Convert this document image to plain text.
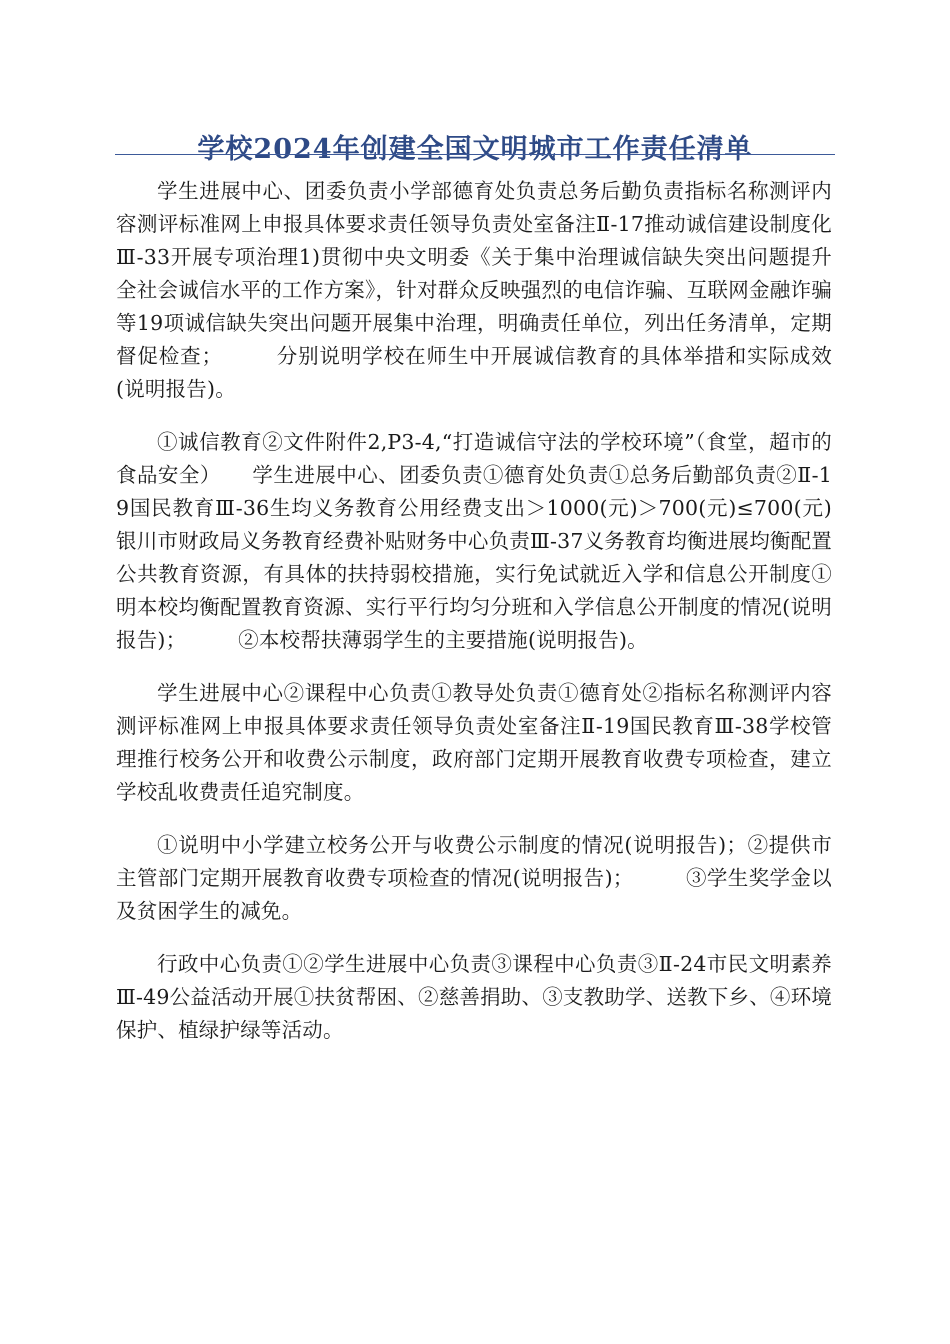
学校2024年创建全国文明城市工作责任清单

学生进展中心、团委负责小学部德育处负责总务后勤负责指标名称测评内容测评标准网上申报具体要求责任领导负责处室备注Ⅱ-17推动诚信建设制度化Ⅲ-33开展专项治理1)贯彻中央文明委《关于集中治理诚信缺失突出问题提升全社会诚信水平的工作方案》，针对群众反映强烈的电信诈骗、互联网金融诈骗等19项诚信缺失突出问题开展集中治理，明确责任单位，列出任务清单，定期督促检查；　　　分别说明学校在师生中开展诚信教育的具体举措和实际成效(说明报告)。

①诚信教育②文件附件2,P3-4,“打造诚信守法的学校环境”（食堂，超市的食品安全）　　学生进展中心、团委负责①德育处负责①总务后勤部负责②Ⅱ-19国民教育Ⅲ-36生均义务教育公用经费支出＞1000(元)＞700(元)≤700(元)银川市财政局义务教育经费补贴财务中心负责Ⅲ-37义务教育均衡进展均衡配置公共教育资源，有具体的扶持弱校措施，实行免试就近入学和信息公开制度①明本校均衡配置教育资源、实行平行均匀分班和入学信息公开制度的情况(说明报告)；　　　②本校帮扶薄弱学生的主要措施(说明报告)。

学生进展中心②课程中心负责①教导处负责①德育处②指标名称测评内容测评标准网上申报具体要求责任领导负责处室备注Ⅱ-19国民教育Ⅲ-38学校管理推行校务公开和收费公示制度，政府部门定期开展教育收费专项检查，建立学校乱收费责任追究制度。

①说明中小学建立校务公开与收费公示制度的情况(说明报告)；②提供市主管部门定期开展教育收费专项检查的情况(说明报告)；　　　③学生奖学金以及贫困学生的减免。

行政中心负责①②学生进展中心负责③课程中心负责③Ⅱ-24市民文明素养Ⅲ-49公益活动开展①扶贫帮困、②慈善捐助、③支教助学、送教下乡、④环境保护、植绿护绿等活动。
